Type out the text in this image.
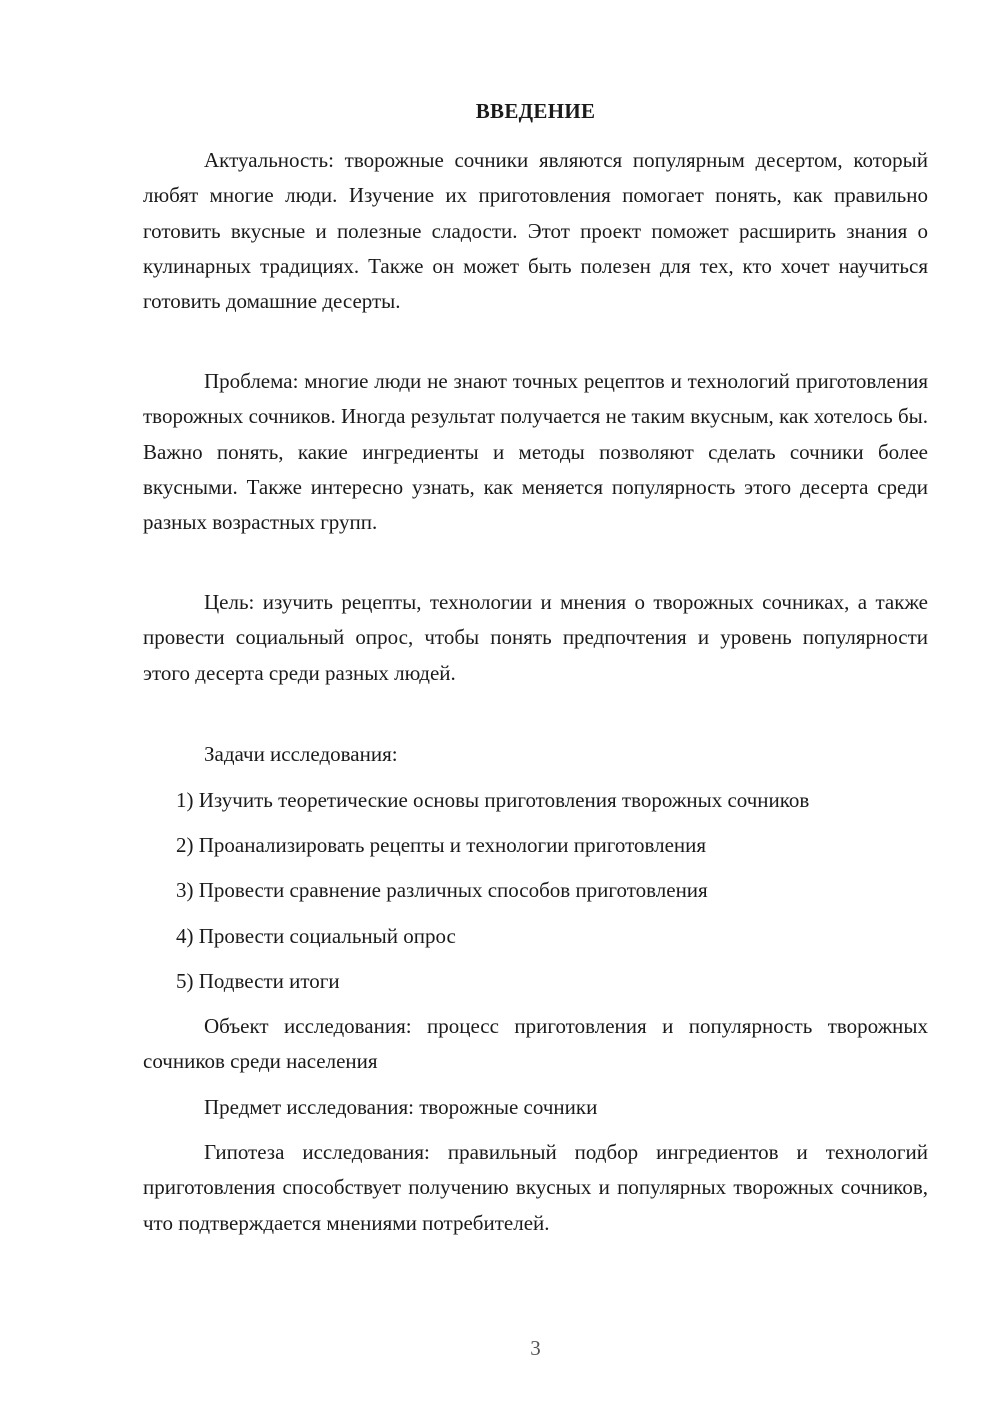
ВВЕДЕНИЕ

Актуальность: творожные сочники являются популярным десертом, который любят многие люди. Изучение их приготовления помогает понять, как правильно готовить вкусные и полезные сладости. Этот проект поможет расширить знания о кулинарных традициях. Также он может быть полезен для тех, кто хочет научиться готовить домашние десерты.

Проблема: многие люди не знают точных рецептов и технологий приготовления творожных сочников. Иногда результат получается не таким вкусным, как хотелось бы. Важно понять, какие ингредиенты и методы позволяют сделать сочники более вкусными. Также интересно узнать, как меняется популярность этого десерта среди разных возрастных групп.

Цель: изучить рецепты, технологии и мнения о творожных сочниках, а также провести социальный опрос, чтобы понять предпочтения и уровень популярности этого десерта среди разных людей.

Задачи исследования:
1) Изучить теоретические основы приготовления творожных сочников
2) Проанализировать рецепты и технологии приготовления
3) Провести сравнение различных способов приготовления
4) Провести социальный опрос
5) Подвести итоги

Объект исследования: процесс приготовления и популярность творожных сочников среди населения

Предмет исследования: творожные сочники

Гипотеза исследования: правильный подбор ингредиентов и технологий приготовления способствует получению вкусных и популярных творожных сочников, что подтверждается мнениями потребителей.

3
